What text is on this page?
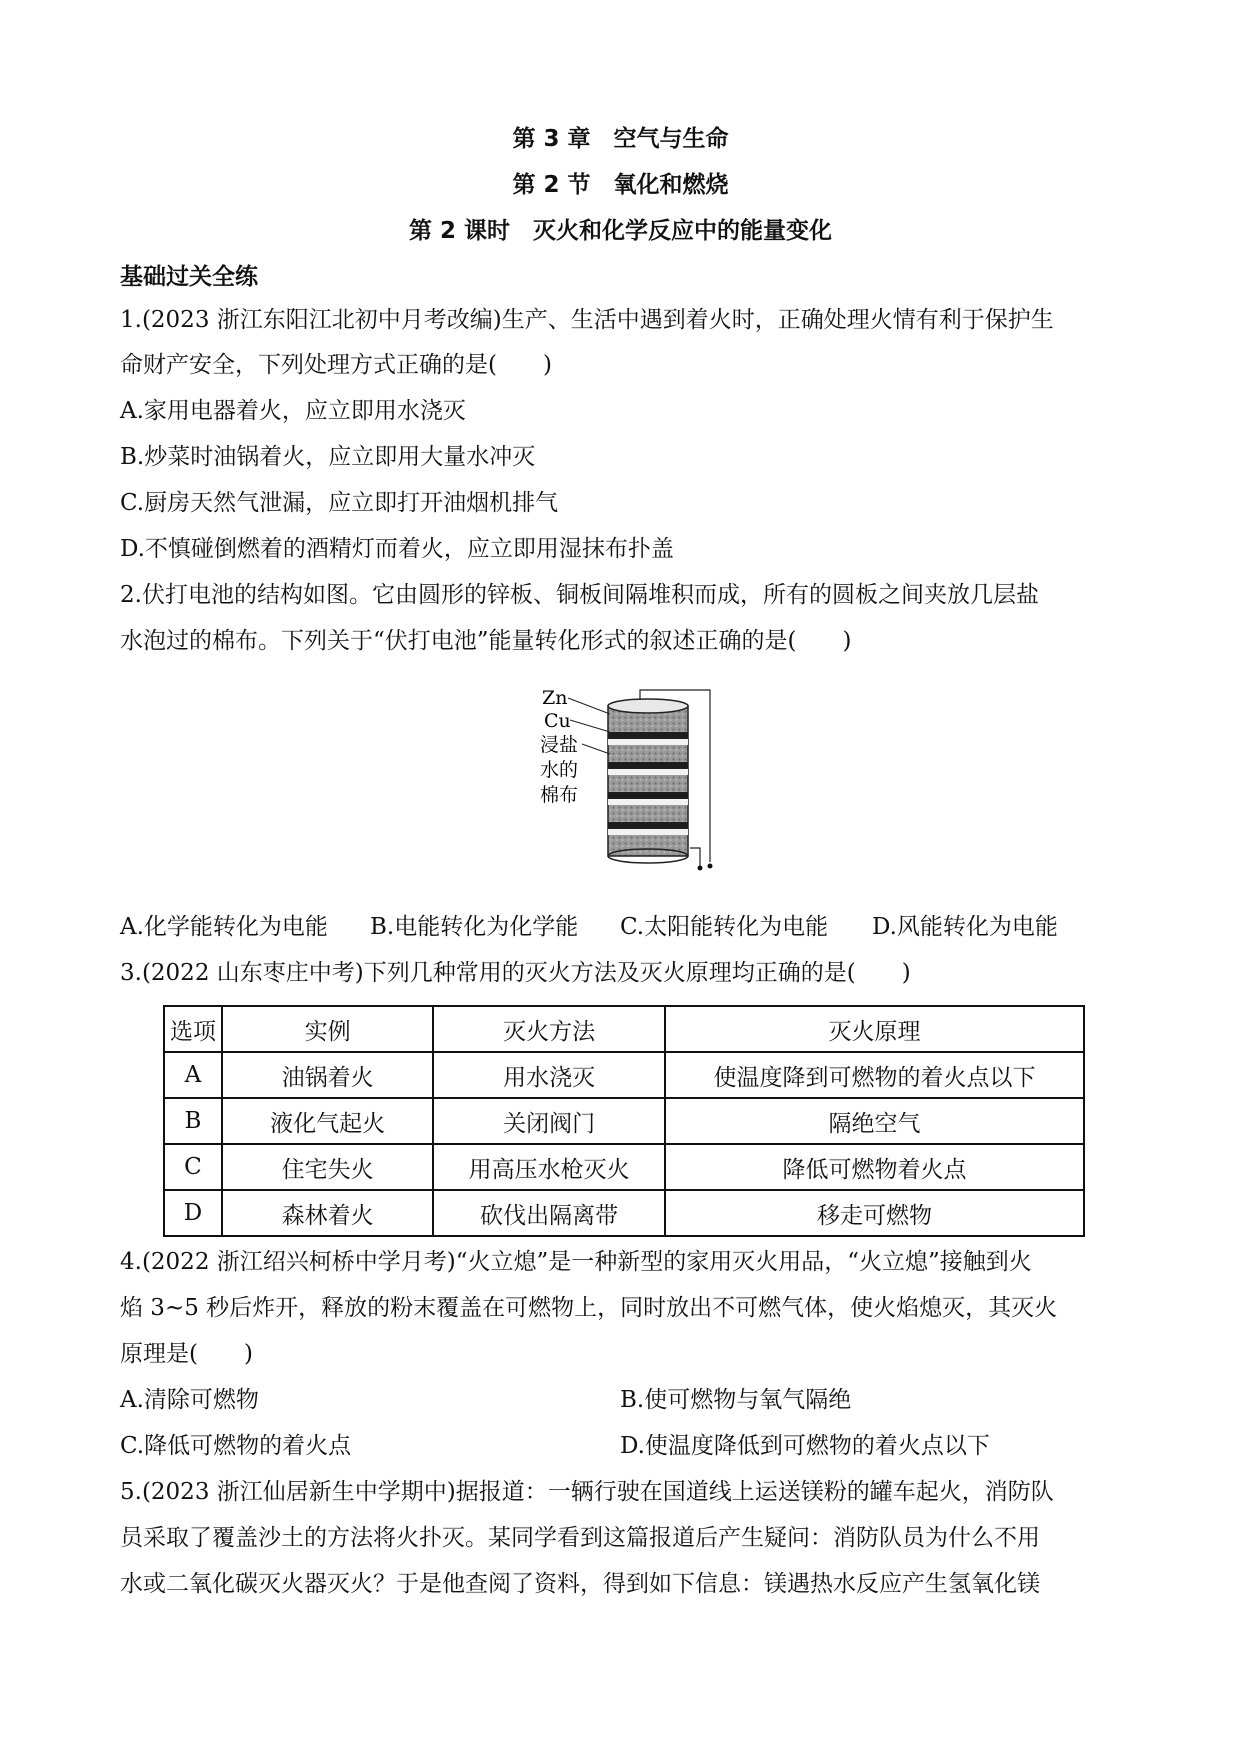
第 3 章　空气与生命
第 2 节　氧化和燃烧
第 2 课时　灭火和化学反应中的能量变化
基础过关全练
1.(2023 浙江东阳江北初中月考改编)生产、生活中遇到着火时，正确处理火情有利于保护生
命财产安全，下列处理方式正确的是(　　)
A.家用电器着火，应立即用水浇灭
B.炒菜时油锅着火，应立即用大量水冲灭
C.厨房天然气泄漏，应立即打开油烟机排气
D.不慎碰倒燃着的酒精灯而着火，应立即用湿抹布扑盖
2.伏打电池的结构如图。它由圆形的锌板、铜板间隔堆积而成，所有的圆板之间夹放几层盐
水泡过的棉布。下列关于“伏打电池”能量转化形式的叙述正确的是(　　)
Zn
Cu
浸盐
水的
棉布
A.化学能转化为电能 B.电能转化为化学能 C.太阳能转化为电能 D.风能转化为电能
3.(2022 山东枣庄中考)下列几种常用的灭火方法及灭火原理均正确的是(　　)
选项	实例	灭火方法	灭火原理
A	油锅着火	用水浇灭	使温度降到可燃物的着火点以下
B	液化气起火	关闭阀门	隔绝空气
C	住宅失火	用高压水枪灭火	降低可燃物着火点
D	森林着火	砍伐出隔离带	移走可燃物
4.(2022 浙江绍兴柯桥中学月考)“火立熄”是一种新型的家用灭火用品，“火立熄”接触到火
焰 3~5 秒后炸开，释放的粉末覆盖在可燃物上，同时放出不可燃气体，使火焰熄灭，其灭火
原理是(　　)
A.清除可燃物	B.使可燃物与氧气隔绝
C.降低可燃物的着火点	D.使温度降低到可燃物的着火点以下
5.(2023 浙江仙居新生中学期中)据报道：一辆行驶在国道线上运送镁粉的罐车起火，消防队
员采取了覆盖沙土的方法将火扑灭。某同学看到这篇报道后产生疑问：消防队员为什么不用
水或二氧化碳灭火器灭火？于是他查阅了资料，得到如下信息：镁遇热水反应产生氢氧化镁
